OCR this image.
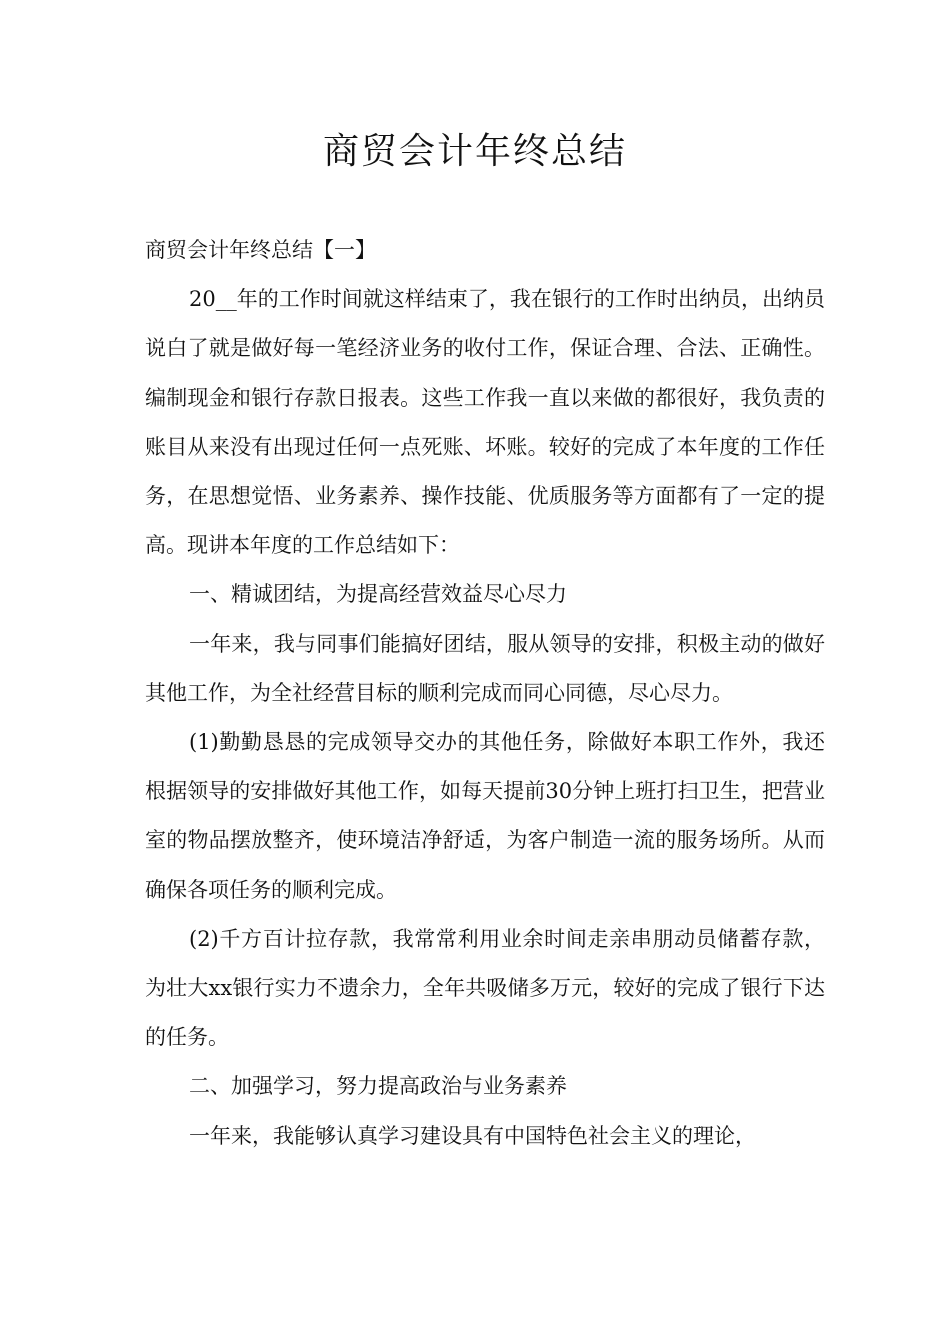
商贸会计年终总结

商贸会计年终总结【一】

20__年的工作时间就这样结束了，我在银行的工作时出纳员，出纳员说白了就是做好每一笔经济业务的收付工作，保证合理、合法、正确性。编制现金和银行存款日报表。这些工作我一直以来做的都很好，我负责的账目从来没有出现过任何一点死账、坏账。较好的完成了本年度的工作任务，在思想觉悟、业务素养、操作技能、优质服务等方面都有了一定的提高。现讲本年度的工作总结如下：

一、精诚团结，为提高经营效益尽心尽力

一年来，我与同事们能搞好团结，服从领导的安排，积极主动的做好其他工作，为全社经营目标的顺利完成而同心同德，尽心尽力。

(1)勤勤恳恳的完成领导交办的其他任务，除做好本职工作外，我还根据领导的安排做好其他工作，如每天提前30分钟上班打扫卫生，把营业室的物品摆放整齐，使环境洁净舒适，为客户制造一流的服务场所。从而确保各项任务的顺利完成。

(2)千方百计拉存款，我常常利用业余时间走亲串朋动员储蓄存款，为壮大xx银行实力不遗余力，全年共吸储多万元，较好的完成了银行下达的任务。

二、加强学习，努力提高政治与业务素养

一年来，我能够认真学习建设具有中国特色社会主义的理论，
